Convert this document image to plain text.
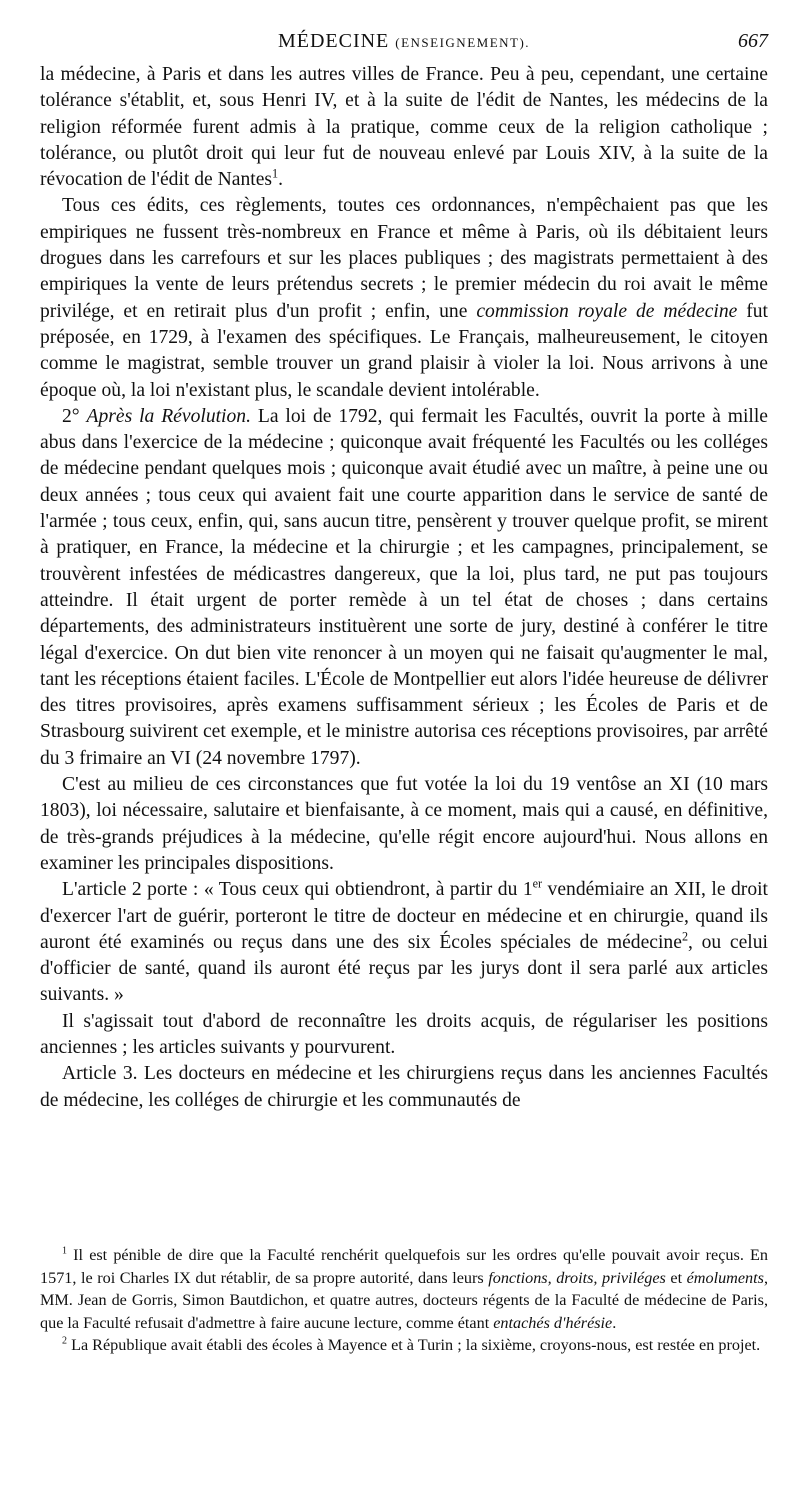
MÉDECINE (ENSEIGNEMENT).	667

la médecine, à Paris et dans les autres villes de France. Peu à peu, cependant, une certaine tolérance s'établit, et, sous Henri IV, et à la suite de l'édit de Nantes, les médecins de la religion réformée furent admis à la pratique, comme ceux de la religion catholique ; tolérance, ou plutôt droit qui leur fut de nouveau enlevé par Louis XIV, à la suite de la révocation de l'édit de Nantes$^1$.

Tous ces édits, ces règlements, toutes ces ordonnances, n'empêchaient pas que les empiriques ne fussent très-nombreux en France et même à Paris, où ils débitaient leurs drogues dans les carrefours et sur les places publiques ; des magistrats permettaient à des empiriques la vente de leurs prétendus secrets ; le premier médecin du roi avait le même privilége, et en retirait plus d'un profit ; enfin, une commission royale de médecine fut préposée, en 1729, à l'examen des spécifiques. Le Français, malheureusement, le citoyen comme le magistrat, semble trouver un grand plaisir à violer la loi. Nous arrivons à une époque où, la loi n'existant plus, le scandale devient intolérable.

2° Après la Révolution. La loi de 1792, qui fermait les Facultés, ouvrit la porte à mille abus dans l'exercice de la médecine ; quiconque avait fréquenté les Facultés ou les colléges de médecine pendant quelques mois ; quiconque avait étudié avec un maître, à peine une ou deux années ; tous ceux qui avaient fait une courte apparition dans le service de santé de l'armée ; tous ceux, enfin, qui, sans aucun titre, pensèrent y trouver quelque profit, se mirent à pratiquer, en France, la médecine et la chirurgie ; et les campagnes, principalement, se trouvèrent infestées de médicastres dangereux, que la loi, plus tard, ne put pas toujours atteindre. Il était urgent de porter remède à un tel état de choses ; dans certains départements, des administrateurs instituèrent une sorte de jury, destiné à conférer le titre légal d'exercice. On dut bien vite renoncer à un moyen qui ne faisait qu'augmenter le mal, tant les réceptions étaient faciles. L'École de Montpellier eut alors l'idée heureuse de délivrer des titres provisoires, après examens suffisamment sérieux ; les Écoles de Paris et de Strasbourg suivirent cet exemple, et le ministre autorisa ces réceptions provisoires, par arrêté du 3 frimaire an VI (24 novembre 1797).

C'est au milieu de ces circonstances que fut votée la loi du 19 ventôse an XI (10 mars 1803), loi nécessaire, salutaire et bienfaisante, à ce moment, mais qui a causé, en définitive, de très-grands préjudices à la médecine, qu'elle régit encore aujourd'hui. Nous allons en examiner les principales dispositions.

L'article 2 porte : « Tous ceux qui obtiendront, à partir du 1er vendémiaire an XII, le droit d'exercer l'art de guérir, porteront le titre de docteur en médecine et en chirurgie, quand ils auront été examinés ou reçus dans une des six Écoles spéciales de médecine$^2$, ou celui d'officier de santé, quand ils auront été reçus par les jurys dont il sera parlé aux articles suivants. »

Il s'agissait tout d'abord de reconnaître les droits acquis, de régulariser les positions anciennes ; les articles suivants y pourvurent.

Article 3. Les docteurs en médecine et les chirurgiens reçus dans les anciennes Facultés de médecine, les colléges de chirurgie et les communautés de

$^1$ Il est pénible de dire que la Faculté renchérit quelquefois sur les ordres qu'elle pouvait avoir reçus. En 1571, le roi Charles IX dut rétablir, de sa propre autorité, dans leurs fonctions, droits, priviléges et émoluments, MM. Jean de Gorris, Simon Bautdichon, et quatre autres, docteurs régents de la Faculté de médecine de Paris, que la Faculté refusait d'admettre à faire aucune lecture, comme étant entachés d'hérésie.

$^2$ La République avait établi des écoles à Mayence et à Turin ; la sixième, croyons-nous, est restée en projet.
